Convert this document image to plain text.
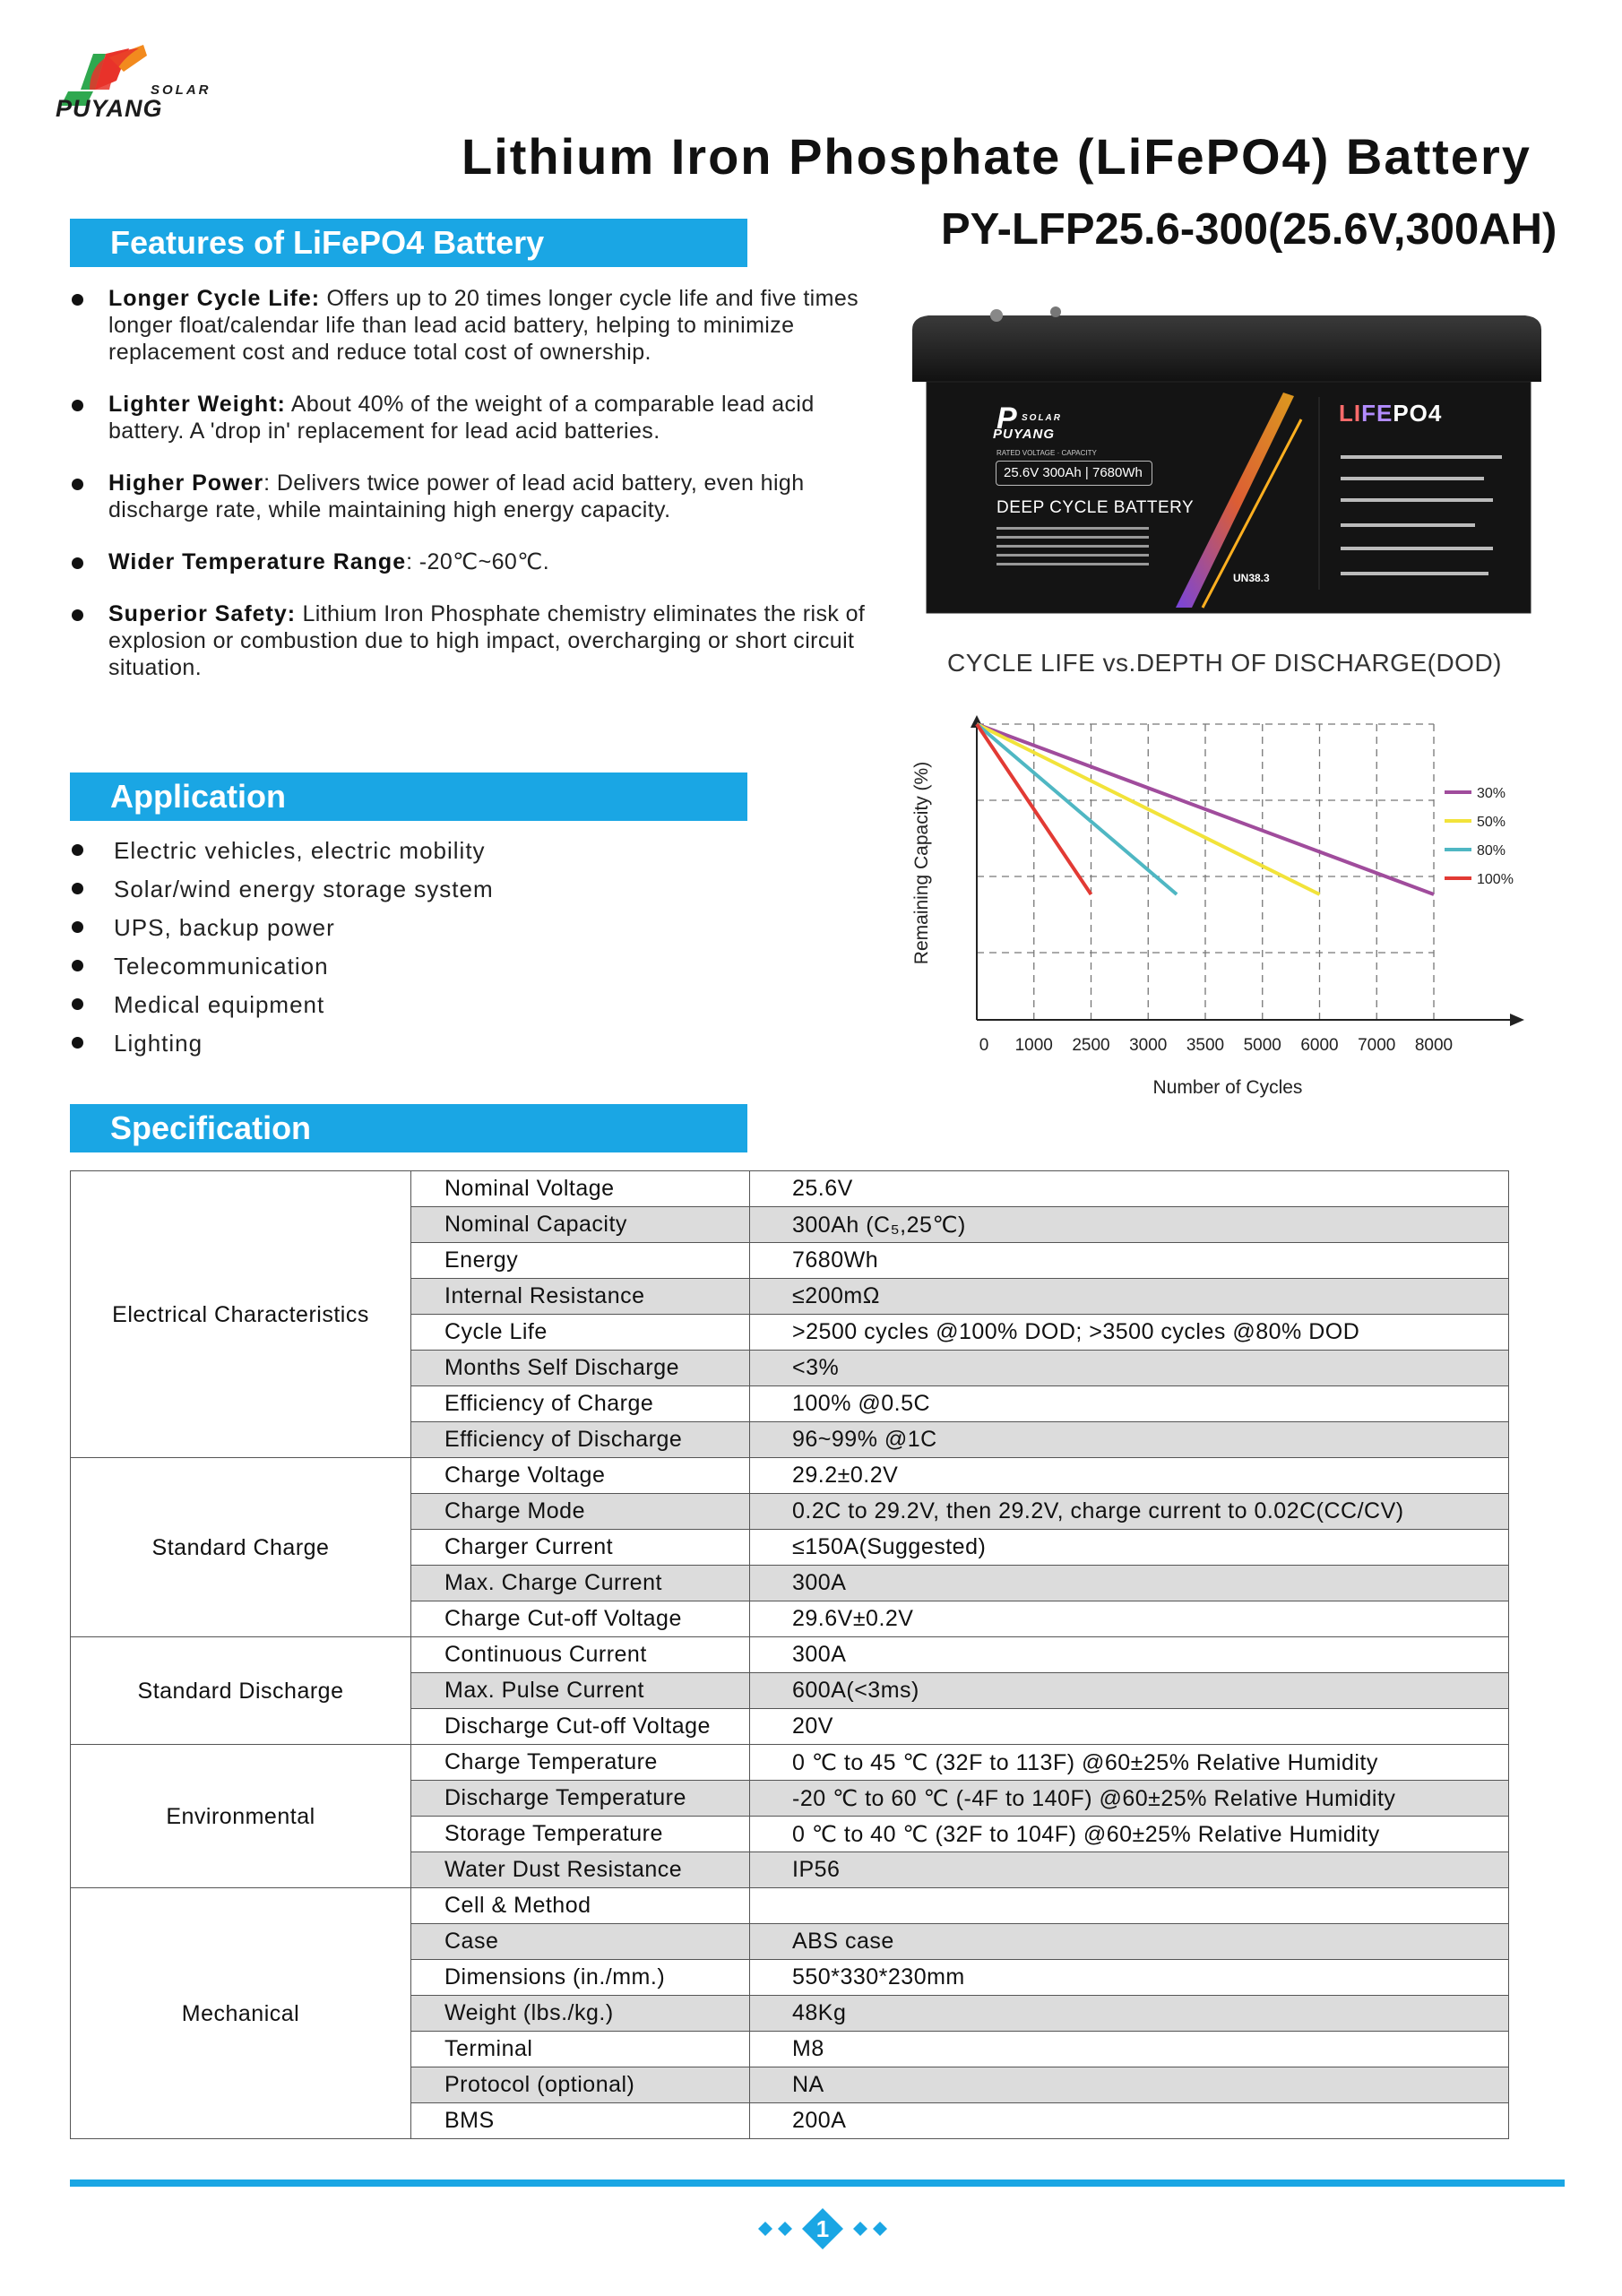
SOLAR
PUYANG
Lithium Iron Phosphate (LiFePO4) Battery
PY-LFP25.6-300(25.6V,300AH)
Features of LiFePO4 Battery
Longer Cycle Life: Offers up to 20 times longer cycle life and five times longer float/calendar life than lead acid battery, helping to minimize replacement cost and reduce total cost of ownership.
Lighter Weight: About 40% of the weight of a comparable lead acid battery. A 'drop in' replacement for lead acid batteries.
Higher Power: Delivers twice power of lead acid battery, even high discharge rate, while maintaining high energy capacity.
Wider Temperature Range: -20℃~60℃.
Superior Safety: Lithium Iron Phosphate chemistry eliminates the risk of explosion or combustion due to high impact, overcharging or short circuit situation.
P SOLAR
PUYANG
RATED VOLTAGE · CAPACITY
25.6V 300Ah | 7680Wh
DEEP CYCLE BATTERY
LIFEPO4
UN38.3
CYCLE LIFE vs.DEPTH OF DISCHARGE(DOD)
0 1000 2500 3000 3500 5000 6000 7000 8000
Number of Cycles
Remaining Capacity (%)	30%
50%
80%
100%
Application
Electric vehicles, electric mobility
Solar/wind energy storage system
UPS, backup power
Telecommunication
Medical equipment
Lighting
Specification
Electrical Characteristics	Nominal Voltage	25.6V
	Nominal Capacity	300Ah (C₅,25℃)
	Energy	7680Wh
	Internal Resistance	≤200mΩ
	Cycle Life	>2500 cycles @100% DOD; >3500 cycles @80% DOD
	Months Self Discharge	<3%
	Efficiency of Charge	100% @0.5C
	Efficiency of Discharge	96~99% @1C
Standard Charge	Charge Voltage	29.2±0.2V
	Charge Mode	0.2C to 29.2V, then 29.2V, charge current to 0.02C(CC/CV)
	Charger Current	≤150A(Suggested)
	Max. Charge Current	300A
	Charge Cut-off Voltage	29.6V±0.2V
Standard Discharge	Continuous Current	300A
	Max. Pulse Current	600A(<3ms)
	Discharge Cut-off Voltage	20V
Environmental	Charge Temperature	0 ℃ to 45 ℃ (32F to 113F) @60±25% Relative Humidity
	Discharge Temperature	-20 ℃ to 60 ℃ (-4F to 140F) @60±25% Relative Humidity
	Storage Temperature	0 ℃ to 40 ℃ (32F to 104F) @60±25% Relative Humidity
	Water Dust Resistance	IP56
Mechanical	Cell & Method	
	Case	ABS case
	Dimensions (in./mm.)	550*330*230mm
	Weight (lbs./kg.)	48Kg
	Terminal	M8
	Protocol (optional)	NA
	BMS	200A
1
